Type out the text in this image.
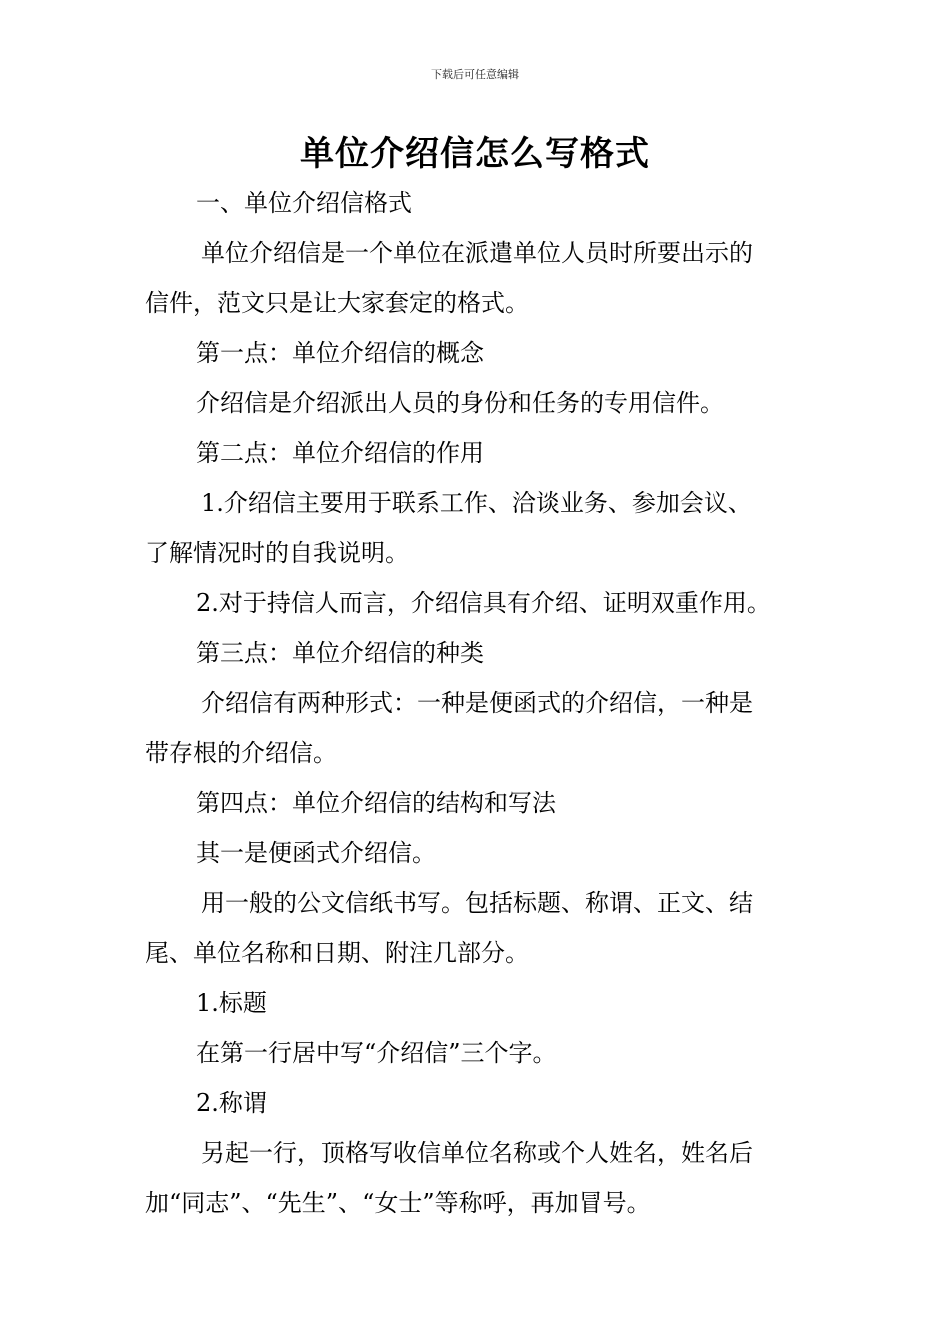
下载后可任意编辑
单位介绍信怎么写格式

一、单位介绍信格式

单位介绍信是一个单位在派遣单位人员时所要出示的

信件，范文只是让大家套定的格式。

第一点：单位介绍信的概念

介绍信是介绍派出人员的身份和任务的专用信件。

第二点：单位介绍信的作用

1.介绍信主要用于联系工作、洽谈业务、参加会议、

了解情况时的自我说明。

2.对于持信人而言，介绍信具有介绍、证明双重作用。

第三点：单位介绍信的种类

介绍信有两种形式：一种是便函式的介绍信，一种是

带存根的介绍信。

第四点：单位介绍信的结构和写法

其一是便函式介绍信。

用一般的公文信纸书写。包括标题、称谓、正文、结

尾、单位名称和日期、附注几部分。

1.标题

在第一行居中写“介绍信”三个字。

2.称谓

另起一行，顶格写收信单位名称或个人姓名，姓名后

加“同志”、“先生”、“女士”等称呼，再加冒号。
